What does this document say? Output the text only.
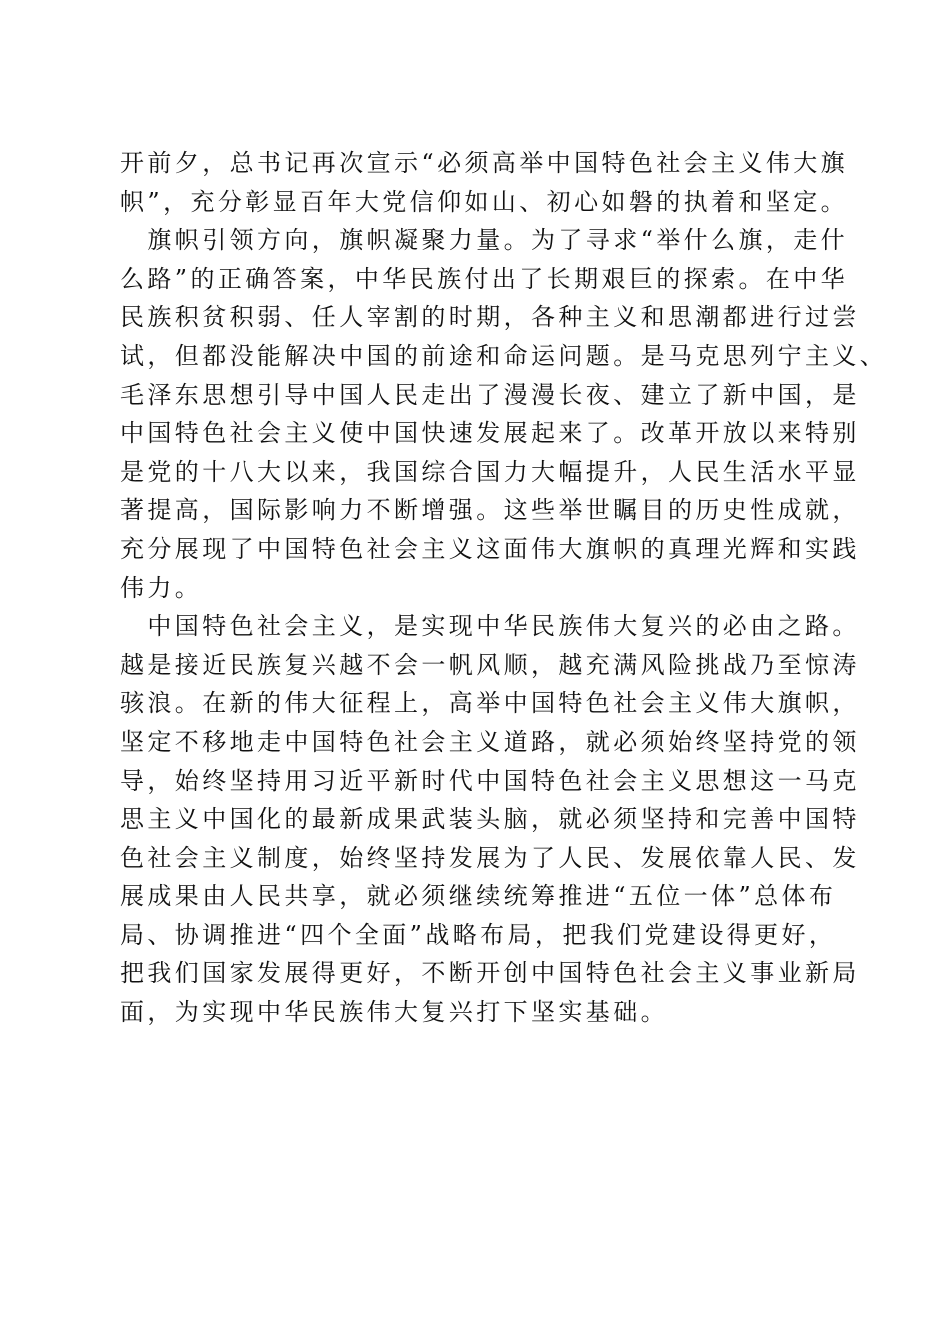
开前夕，总书记再次宣示“必须高举中国特色社会主义伟大旗
帜”，充分彰显百年大党信仰如山、初心如磐的执着和坚定。
　旗帜引领方向，旗帜凝聚力量。为了寻求“举什么旗，走什
么路”的正确答案，中华民族付出了长期艰巨的探索。在中华
民族积贫积弱、任人宰割的时期，各种主义和思潮都进行过尝
试，但都没能解决中国的前途和命运问题。是马克思列宁主义、
毛泽东思想引导中国人民走出了漫漫长夜、建立了新中国，是
中国特色社会主义使中国快速发展起来了。改革开放以来特别
是党的十八大以来，我国综合国力大幅提升，人民生活水平显
著提高，国际影响力不断增强。这些举世瞩目的历史性成就，
充分展现了中国特色社会主义这面伟大旗帜的真理光辉和实践
伟力。
　中国特色社会主义，是实现中华民族伟大复兴的必由之路。
越是接近民族复兴越不会一帆风顺，越充满风险挑战乃至惊涛
骇浪。在新的伟大征程上，高举中国特色社会主义伟大旗帜，
坚定不移地走中国特色社会主义道路，就必须始终坚持党的领
导，始终坚持用习近平新时代中国特色社会主义思想这一马克
思主义中国化的最新成果武装头脑，就必须坚持和完善中国特
色社会主义制度，始终坚持发展为了人民、发展依靠人民、发
展成果由人民共享，就必须继续统筹推进“五位一体”总体布
局、协调推进“四个全面”战略布局，把我们党建设得更好，
把我们国家发展得更好，不断开创中国特色社会主义事业新局
面，为实现中华民族伟大复兴打下坚实基础。
